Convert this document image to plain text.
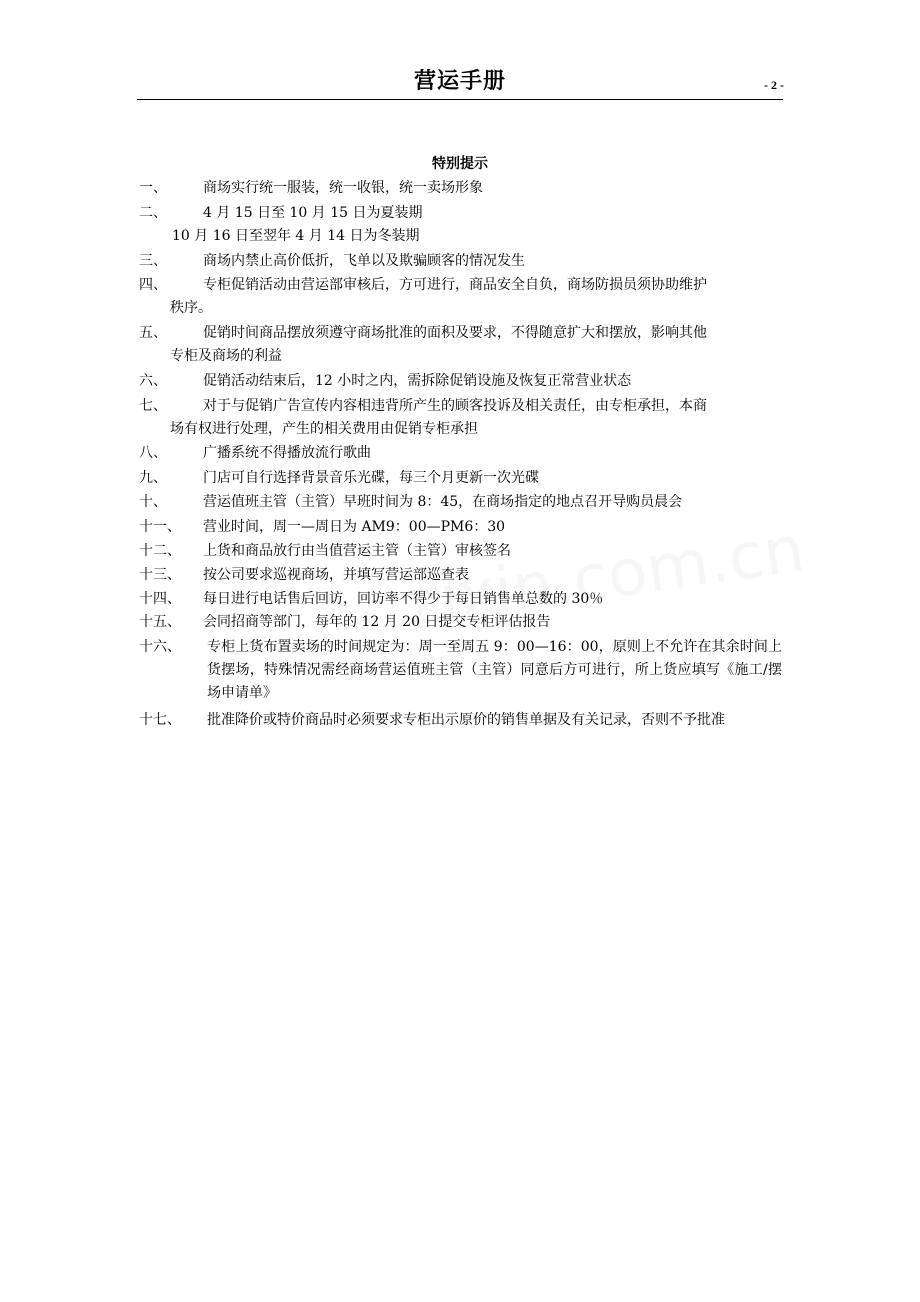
营运手册	- 2 -
特别提示
一、	商场实行统一服装，统一收银，统一卖场形象
二、	4 月 15 日至 10 月 15 日为夏装期
10 月 16 日至翌年 4 月 14 日为冬装期
三、	商场内禁止高价低折，飞单以及欺骗顾客的情况发生
四、	专柜促销活动由营运部审核后，方可进行，商品安全自负，商场防损员须协助维护
秩序。
五、	促销时间商品摆放须遵守商场批准的面积及要求，不得随意扩大和摆放，影响其他
专柜及商场的利益
六、	促销活动结束后，12 小时之内，需拆除促销设施及恢复正常营业状态
七、	对于与促销广告宣传内容相违背所产生的顾客投诉及相关责任，由专柜承担，本商
场有权进行处理，产生的相关费用由促销专柜承担
八、	广播系统不得播放流行歌曲
九、	门店可自行选择背景音乐光碟，每三个月更新一次光碟
十、	营运值班主管（主管）早班时间为 8：45，在商场指定的地点召开导购员晨会
十一、 营业时间，周一—周日为 AM9：00—PM6：30
十二、 上货和商品放行由当值营运主管（主管）审核签名
十三、 按公司要求巡视商场，并填写营运部巡查表
十四、 每日进行电话售后回访，回访率不得少于每日销售单总数的 30％
十五、 会同招商等部门，每年的 12 月 20 日提交专柜评估报告
十六、 专柜上货布置卖场的时间规定为：周一至周五 9：00—16：00，原则上不允许在其余时间上货摆场，特殊情况需经商场营运值班主管（主管）同意后方可进行，所上货应填写《施工/摆场申请单》
十七、 批准降价或特价商品时必须要求专柜出示原价的销售单据及有关记录，否则不予批准
